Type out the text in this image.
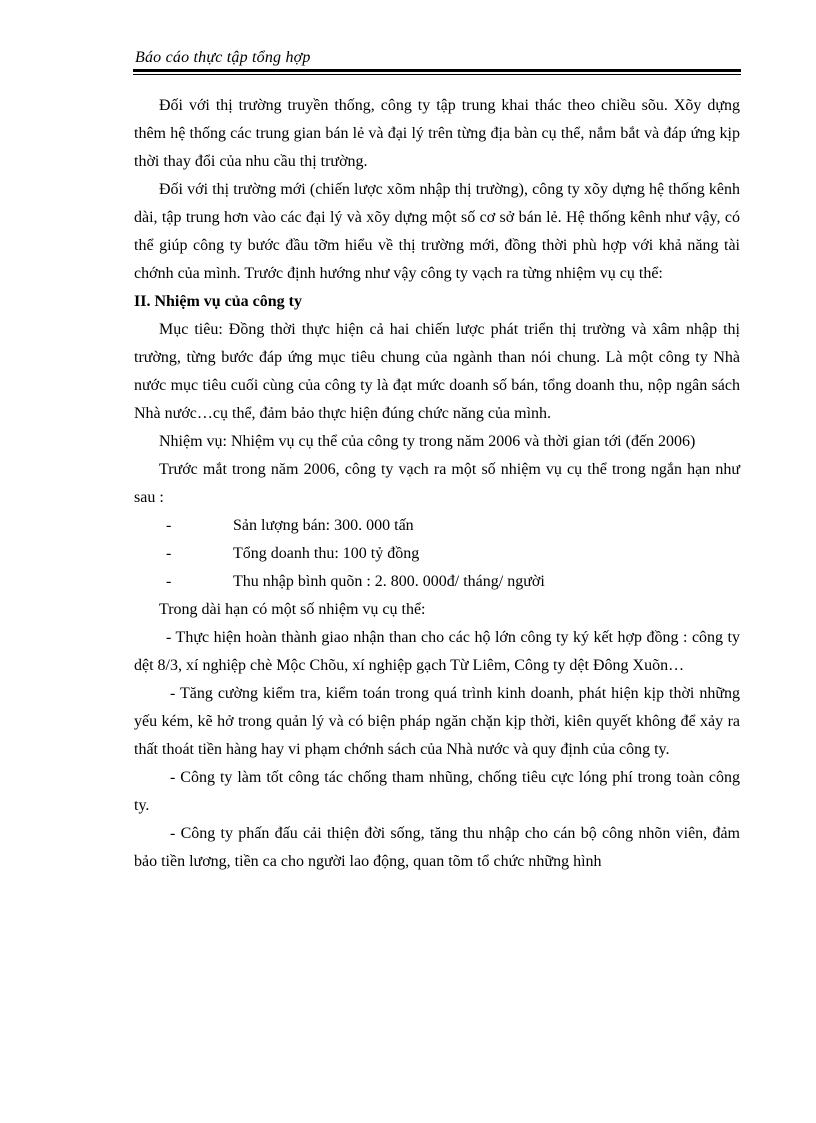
Báo cáo thực tập tổng hợp

Đối với thị trường truyền thống, công ty tập trung khai thác theo chiều sõu. Xõy dựng thêm hệ thống các trung gian bán lẻ và đại lý trên từng địa bàn cụ thể, nắm bắt và đáp ứng kịp thời thay đổi của nhu cầu thị trường.

Đối với thị trường mới (chiến lược xõm nhập thị trường), công ty xõy dựng hệ thống kênh dài, tập trung hơn vào các đại lý và xõy dựng một số cơ sở bán lẻ. Hệ thống kênh như vậy, có thể giúp công ty bước đầu tỡm hiểu về thị trường mới, đồng thời phù hợp với khả năng tài chớnh của mình. Trước định hướng như vậy công ty vạch ra từng nhiệm vụ cụ thể:

II. Nhiệm vụ của công ty

Mục tiêu: Đồng thời thực hiện cả hai chiến lược phát triển thị trường và xâm nhập thị trường, từng bước đáp ứng mục tiêu chung của ngành than nói chung. Là một công ty Nhà nước mục tiêu cuối cùng của công ty là đạt mức doanh số bán, tổng doanh thu, nộp ngân sách Nhà nước…cụ thể, đảm bảo thực hiện đúng chức năng của mình.

Nhiệm vụ: Nhiệm vụ cụ thể của công ty trong năm 2006 và thời gian tới (đến 2006)

Trước mắt trong năm 2006, công ty vạch ra một số nhiệm vụ cụ thể trong ngắn hạn như sau :

-	Sản lượng bán: 300. 000 tấn
-	Tổng doanh thu: 100 tỷ đồng
-	Thu nhập bình quõn : 2. 800. 000đ/ tháng/ người

Trong dài hạn có một số nhiệm vụ cụ thể:

- Thực hiện hoàn thành giao nhận than cho các hộ lớn công ty ký kết hợp đồng : công ty dệt 8/3, xí nghiệp chè Mộc Chõu, xí nghiệp gạch Từ Liêm, Công ty dệt Đông Xuõn…

- Tăng cường kiểm tra, kiểm toán trong quá trình kinh doanh, phát hiện kịp thời những yếu kém, kẽ hở trong quản lý và có biện pháp ngăn chặn kịp thời, kiên quyết không để xảy ra thất thoát tiền hàng hay vi phạm chớnh sách của Nhà nước và quy định của công ty.

- Công ty làm tốt công tác chống tham nhũng, chống tiêu cực lóng phí trong toàn công ty.

- Công ty phấn đấu cải thiện đời sống, tăng thu nhập cho cán bộ công nhõn viên, đảm bảo tiền lương, tiền ca cho người lao động, quan tõm tổ chức những hình
